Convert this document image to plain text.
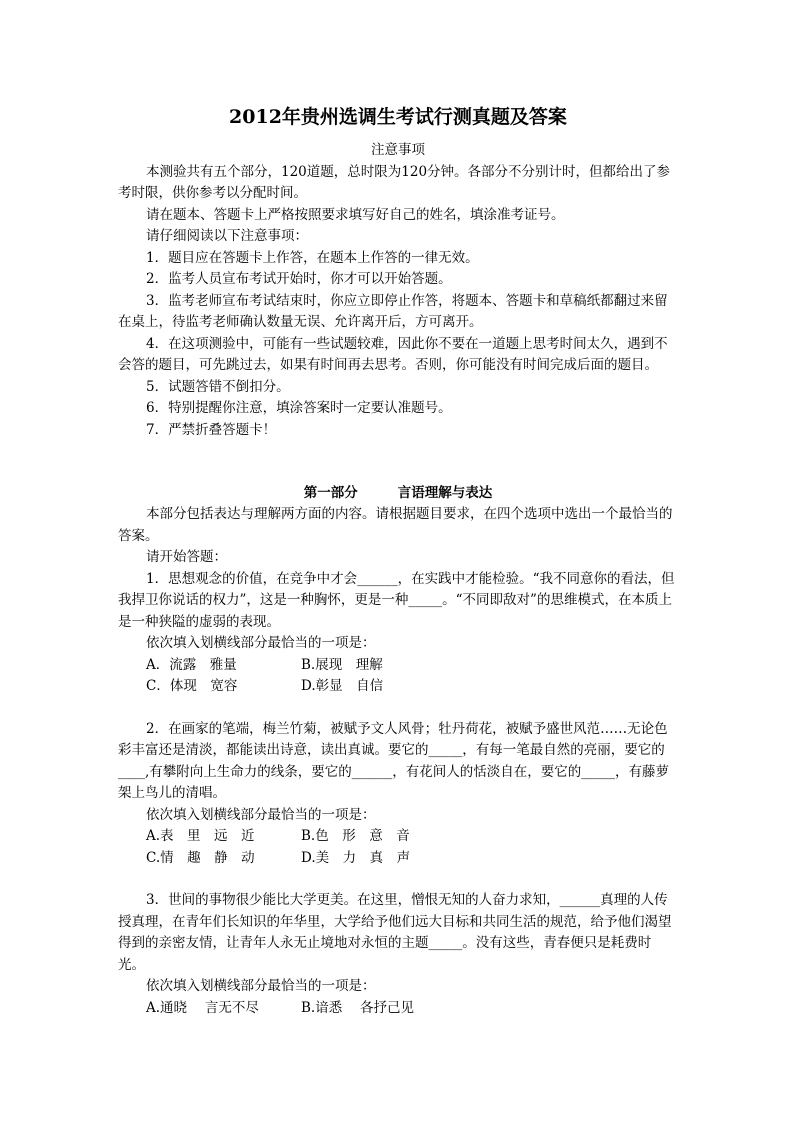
2012年贵州选调生考试行测真题及答案

注意事项

本测验共有五个部分，120道题，总时限为120分钟。各部分不分别计时，但都给出了参考时限，供你参考以分配时间。

请在题本、答题卡上严格按照要求填写好自己的姓名，填涂准考证号。

请仔细阅读以下注意事项：

1．题目应在答题卡上作答，在题本上作答的一律无效。

2．监考人员宣布考试开始时，你才可以开始答题。

3．监考老师宣布考试结束时，你应立即停止作答，将题本、答题卡和草稿纸都翻过来留在桌上，待监考老师确认数量无误、允许离开后，方可离开。

4．在这项测验中，可能有一些试题较难，因此你不要在一道题上思考时间太久，遇到不会答的题目，可先跳过去，如果有时间再去思考。否则，你可能没有时间完成后面的题目。

5．试题答错不倒扣分。

6．特别提醒你注意，填涂答案时一定要认准题号。

7．严禁折叠答题卡！

第一部分	言语理解与表达

本部分包括表达与理解两方面的内容。请根据题目要求，在四个选项中选出一个最恰当的答案。

请开始答题：

1．思想观念的价值，在竞争中才会______，在实践中才能检验。“我不同意你的看法，但我捍卫你说话的权力”，这是一种胸怀，更是一种_____。“不同即敌对”的思维模式，在本质上是一种狭隘的虚弱的表现。

依次填入划横线部分最恰当的一项是：

A．流露　雅量	B.展现　理解
C．体现　宽容	D.彰显　自信

2．在画家的笔端，梅兰竹菊，被赋予文人风骨；牡丹荷花，被赋予盛世风范……无论色彩丰富还是清淡，都能读出诗意，读出真诚。要它的_____，有每一笔最自然的亮丽，要它的____,有攀附向上生命力的线条，要它的______，有花间人的恬淡自在，要它的_____，有藤萝架上鸟儿的清唱。

依次填入划横线部分最恰当的一项是：

A.表　里　远　近	B.色　形　意　音
C.情　趣　静　动	D.美　力　真　声

3．世间的事物很少能比大学更美。在这里，憎恨无知的人奋力求知，______真理的人传授真理，在青年们长知识的年华里，大学给予他们远大目标和共同生活的规范，给予他们渴望得到的亲密友情，让青年人永无止境地对永恒的主题_____。没有这些，青春便只是耗费时光。

依次填入划横线部分最恰当的一项是：

A.通晓　 言无不尽	B.谙悉　 各抒己见
